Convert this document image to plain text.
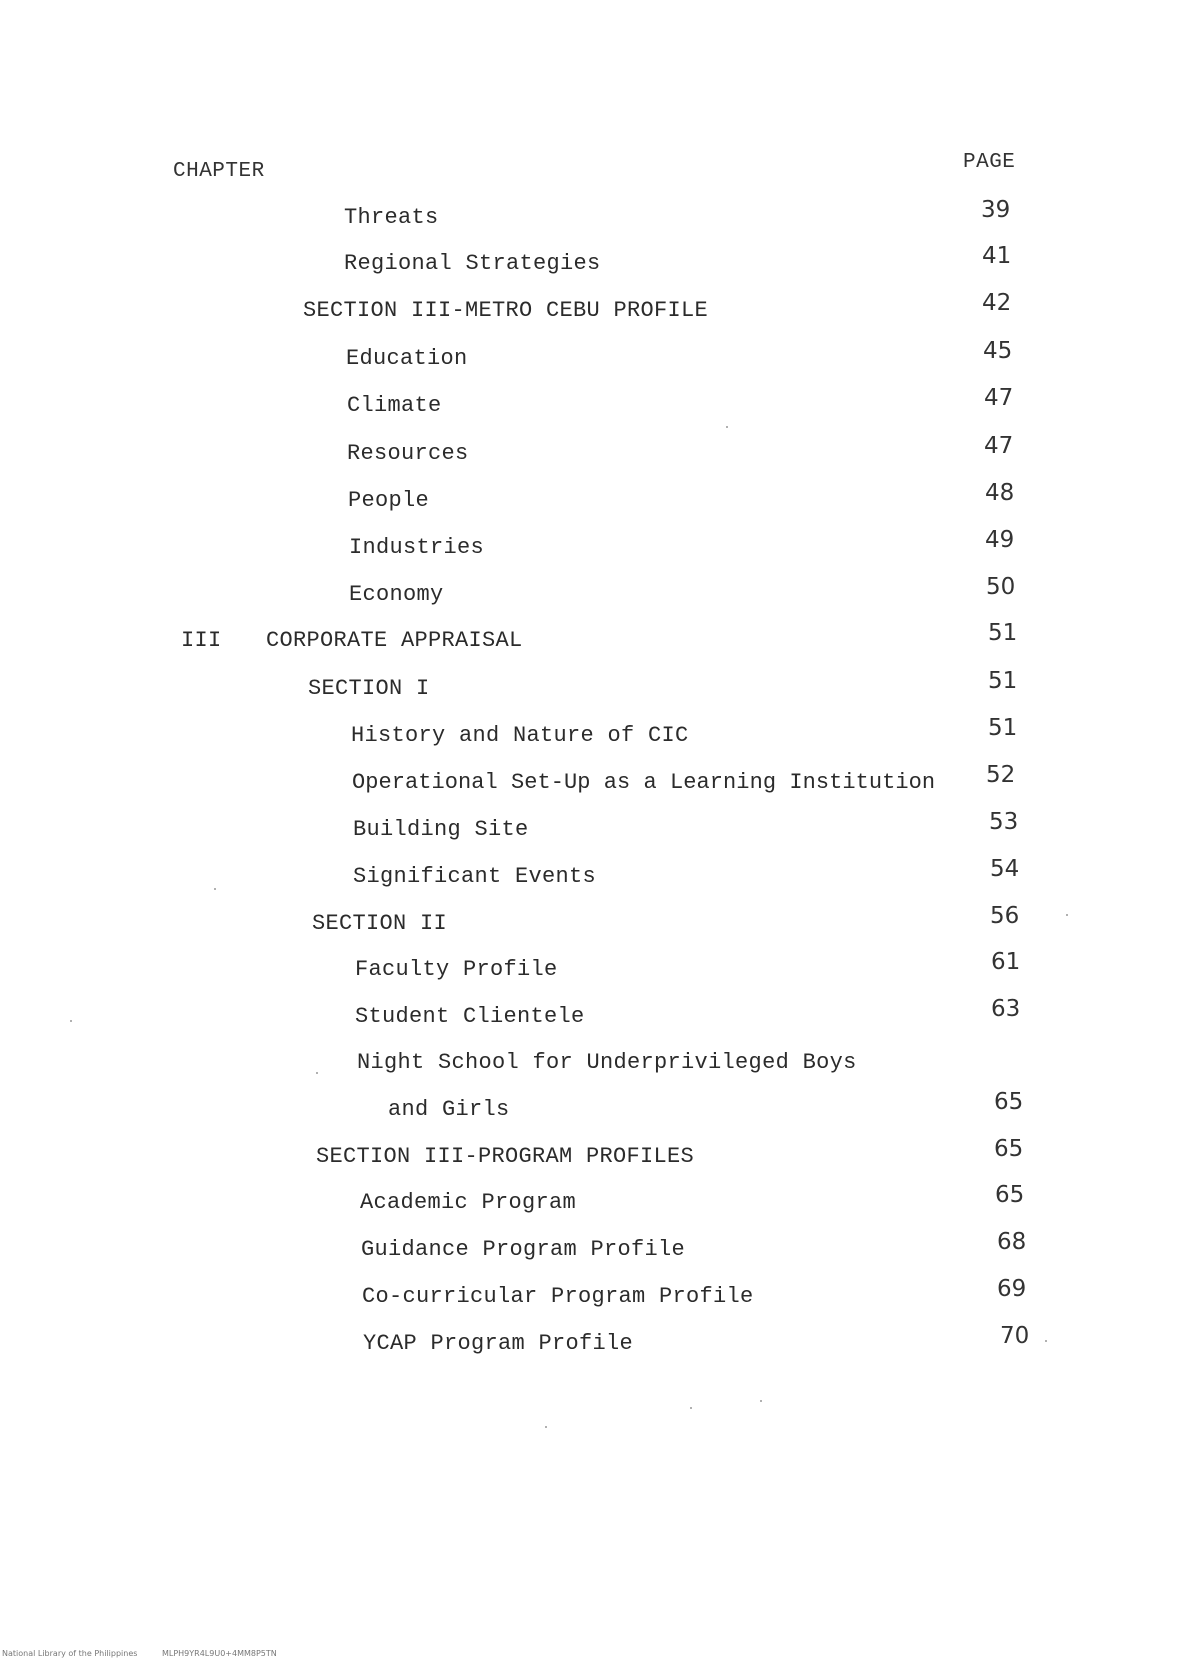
CHAPTER	PAGE
Threats	39
Regional Strategies	41
SECTION III-METRO CEBU PROFILE	42
Education	45
Climate	47
Resources	47
People	48
Industries	49
Economy	50
III CORPORATE APPRAISAL	51
SECTION I	51
History and Nature of CIC	51
Operational Set-Up as a Learning Institution 52
Building Site	53
Significant Events	54
SECTION II	56
Faculty Profile	61
Student Clientele	63
Night School for Underprivileged Boys
and Girls	65
SECTION III-PROGRAM PROFILES	65
Academic Program	65
Guidance Program Profile	68
Co-curricular Program Profile	69
YCAP Program Profile	70
National Library of the Philippines	MLPH9YR4L9U0+4MM8P5TN
